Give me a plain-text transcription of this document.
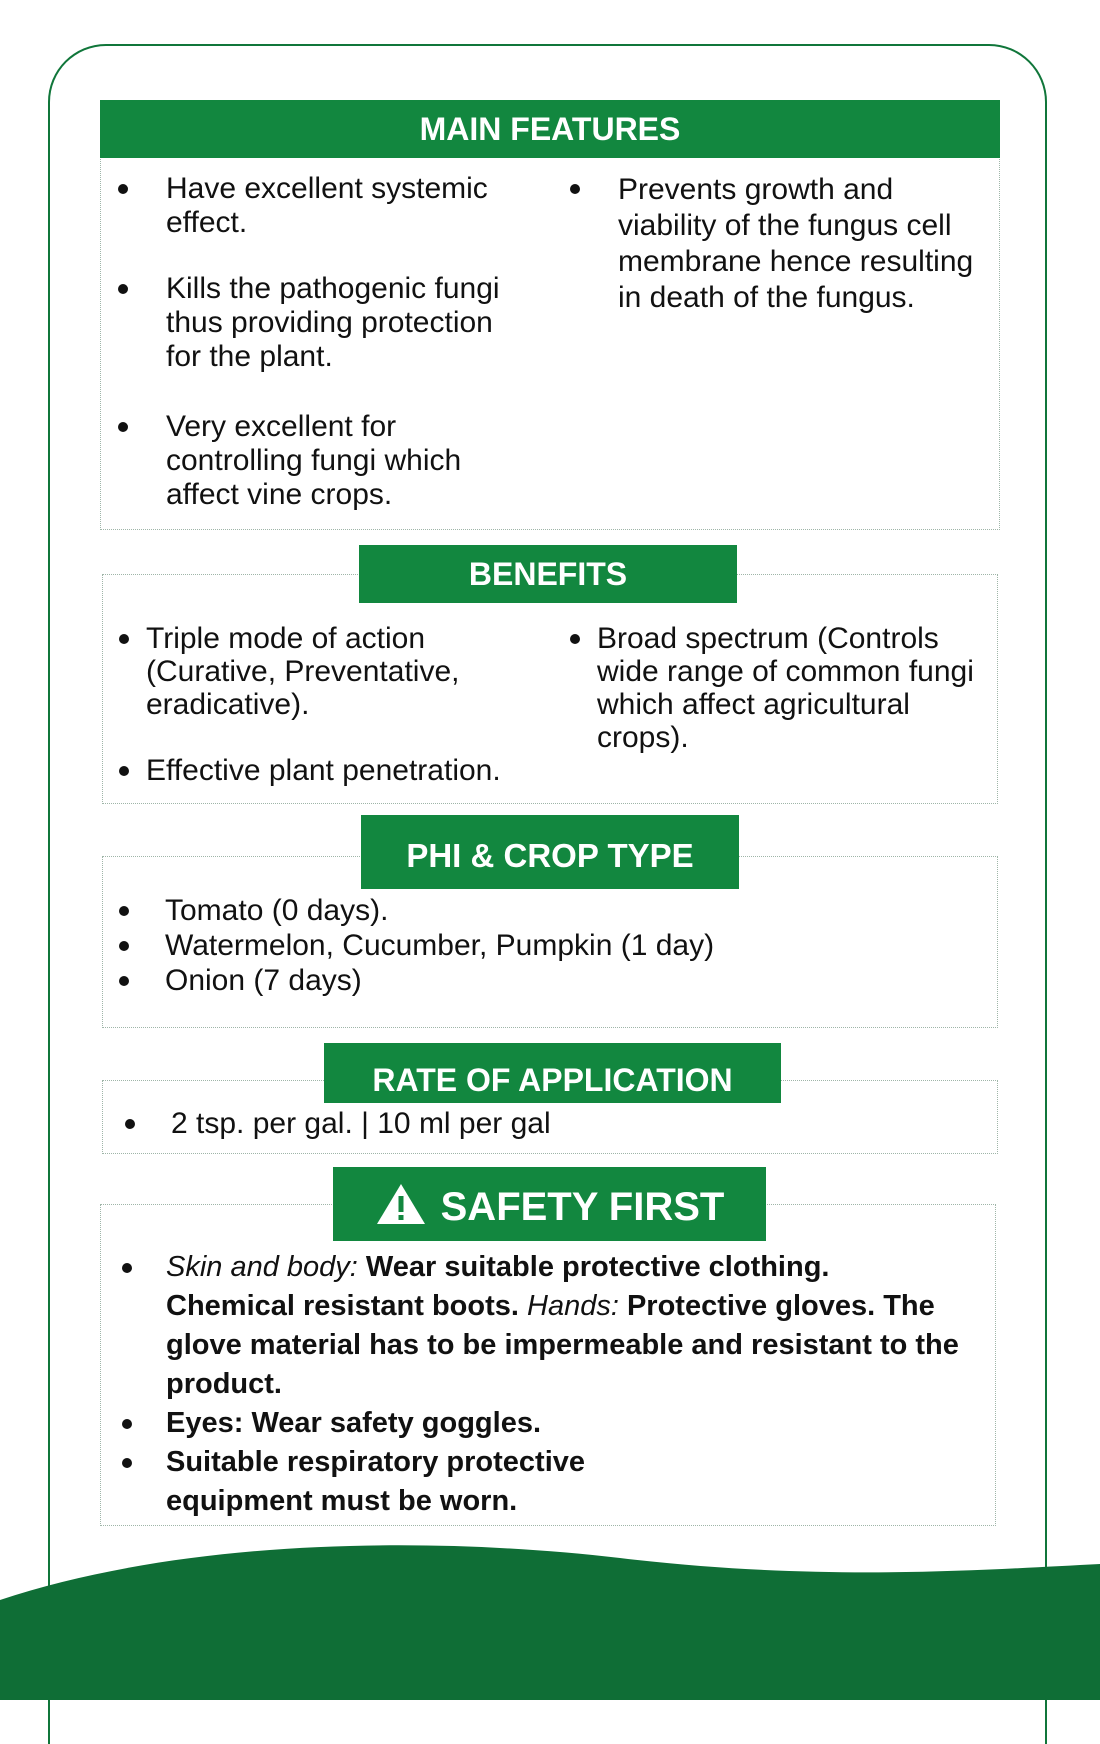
MAIN FEATURES
Have excellent systemic effect.
Kills the pathogenic fungi thus providing protection for the plant.
Very excellent for controlling fungi which affect vine crops.
Prevents growth and viability of the fungus cell membrane hence resulting in death of the fungus.
BENEFITS
Triple mode of action (Curative, Preventative, eradicative).
Effective plant penetration.
Broad spectrum (Controls wide range of common fungi which affect agricultural crops).
PHI & CROP TYPE
Tomato (0 days).
Watermelon, Cucumber, Pumpkin (1 day)
Onion (7 days)
RATE OF APPLICATION
2 tsp. per gal. | 10 ml per gal
SAFETY FIRST
Skin and body: Wear suitable protective clothing. Chemical resistant boots. Hands: Protective gloves. The glove material has to be impermeable and resistant to the product.
Eyes: Wear safety goggles.
Suitable respiratory protective equipment must be worn.
